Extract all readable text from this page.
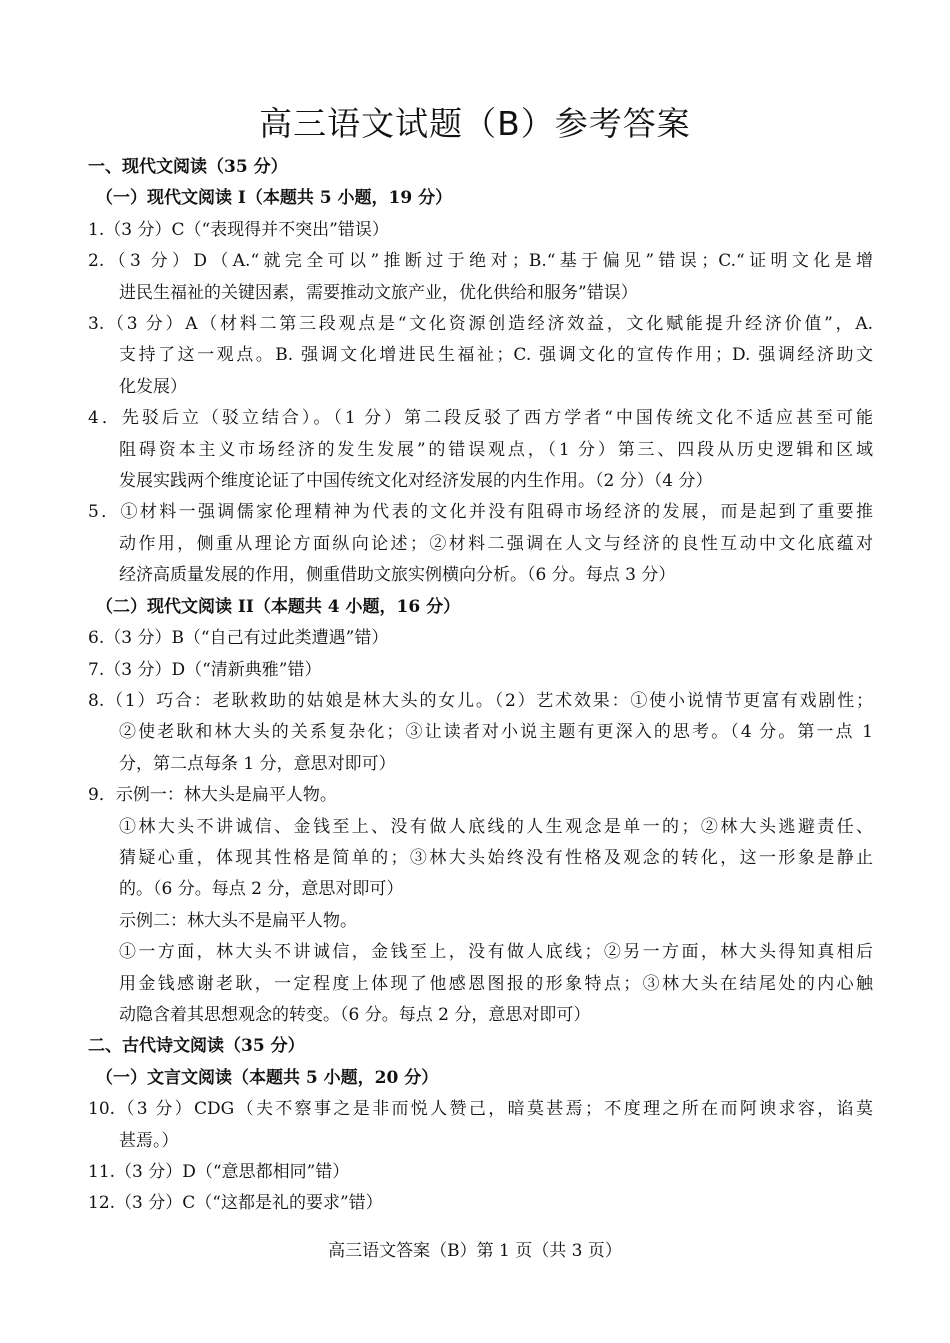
高三语文试题（B）参考答案
一、现代文阅读（35 分）
（一）现代文阅读 I（本题共 5 小题，19 分）
1.（3 分）C（“表现得并不突出”错误）
2.（3 分）D（A.“就完全可以”推断过于绝对；B.“基于偏见”错误；C.“证明文化是增
进民生福祉的关键因素，需要推动文旅产业，优化供给和服务”错误）
3.（3 分）A（材料二第三段观点是“文化资源创造经济效益，文化赋能提升经济价值”，A.
支持了这一观点。B. 强调文化增进民生福祉；C. 强调文化的宣传作用；D. 强调经济助文
化发展）
4．先驳后立（驳立结合）。（1 分）第二段反驳了西方学者“中国传统文化不适应甚至可能
阻碍资本主义市场经济的发生发展”的错误观点，（1 分）第三、四段从历史逻辑和区域
发展实践两个维度论证了中国传统文化对经济发展的内生作用。（2 分）（4 分）
5．①材料一强调儒家伦理精神为代表的文化并没有阻碍市场经济的发展，而是起到了重要推
动作用，侧重从理论方面纵向论述；②材料二强调在人文与经济的良性互动中文化底蕴对
经济高质量发展的作用，侧重借助文旅实例横向分析。（6 分。每点 3 分）
（二）现代文阅读 II（本题共 4 小题，16 分）
6.（3 分）B（“自己有过此类遭遇”错）
7.（3 分）D（“清新典雅”错）
8.（1）巧合：老耿救助的姑娘是林大头的女儿。（2）艺术效果：①使小说情节更富有戏剧性；
②使老耿和林大头的关系复杂化；③让读者对小说主题有更深入的思考。（4 分。第一点 1
分，第二点每条 1 分，意思对即可）
9．示例一：林大头是扁平人物。
①林大头不讲诚信、金钱至上、没有做人底线的人生观念是单一的；②林大头逃避责任、
猜疑心重，体现其性格是简单的；③林大头始终没有性格及观念的转化，这一形象是静止
的。（6 分。每点 2 分，意思对即可）
示例二：林大头不是扁平人物。
①一方面，林大头不讲诚信，金钱至上，没有做人底线；②另一方面，林大头得知真相后
用金钱感谢老耿，一定程度上体现了他感恩图报的形象特点；③林大头在结尾处的内心触
动隐含着其思想观念的转变。（6 分。每点 2 分，意思对即可）
二、古代诗文阅读（35 分）
（一）文言文阅读（本题共 5 小题，20 分）
10.（3 分）CDG（夫不察事之是非而悦人赞己，暗莫甚焉；不度理之所在而阿谀求容，谄莫
甚焉。）
11.（3 分）D（“意思都相同”错）
12.（3 分）C（“这都是礼的要求”错）
高三语文答案（B）第 1 页（共 3 页）
